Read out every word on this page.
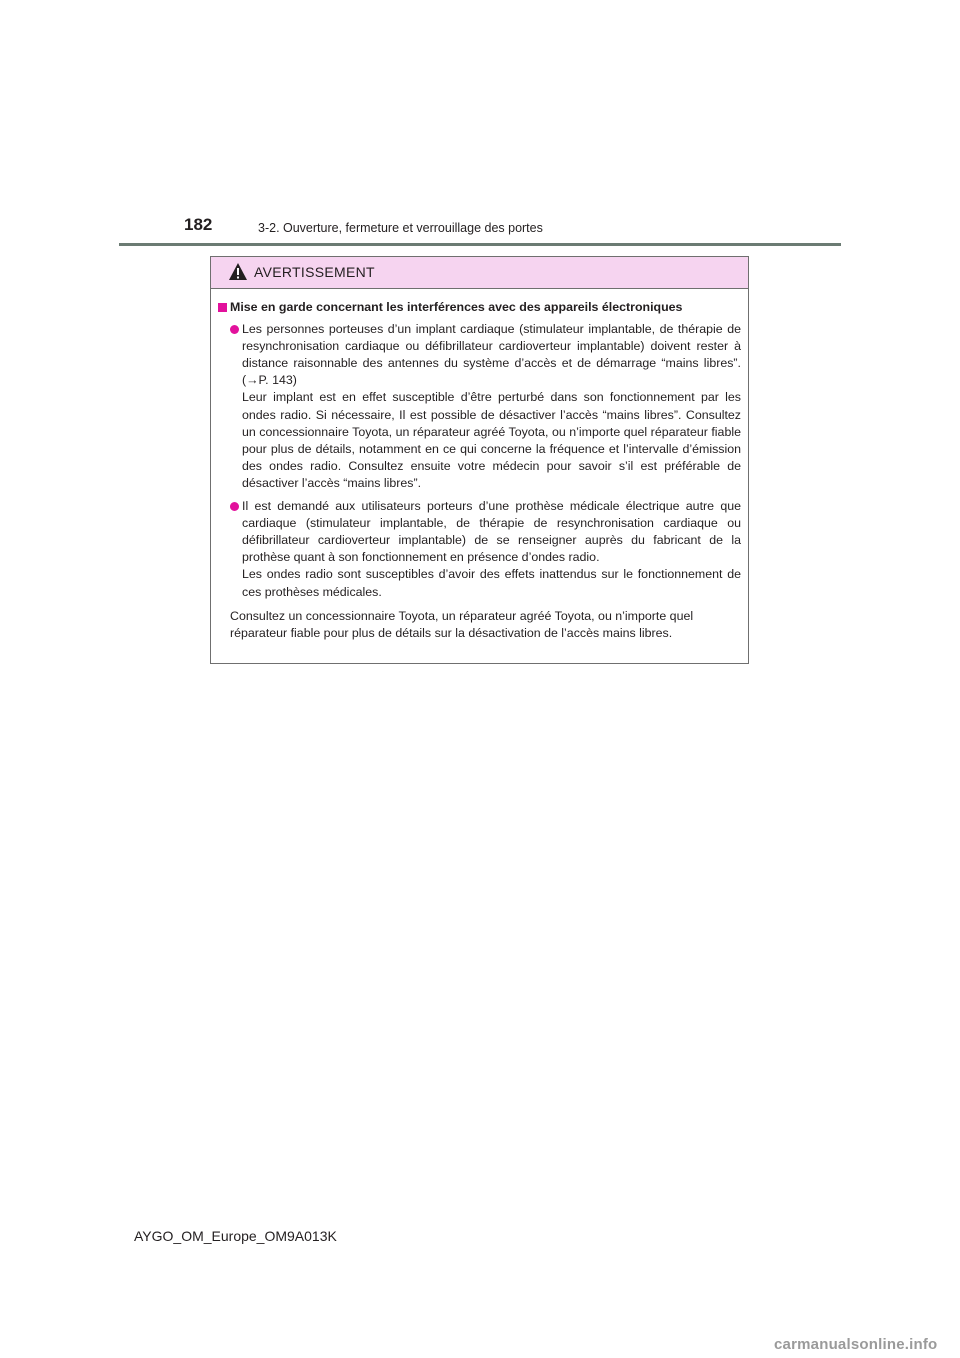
182	3-2. Ouverture, fermeture et verrouillage des portes
AVERTISSEMENT
Mise en garde concernant les interférences avec des appareils électroniques
Les personnes porteuses d’un implant cardiaque (stimulateur implantable, de thérapie de resynchronisation cardiaque ou défibrillateur cardioverteur implantable) doivent rester à distance raisonnable des antennes du système d’accès et de démarrage “mains libres”. (→P. 143)
Leur implant est en effet susceptible d’être perturbé dans son fonctionnement par les ondes radio. Si nécessaire, Il est possible de désactiver l’accès “mains libres”. Consultez un concessionnaire Toyota, un réparateur agréé Toyota, ou n’importe quel réparateur fiable pour plus de détails, notamment en ce qui concerne la fréquence et l’intervalle d’émission des ondes radio. Consultez ensuite votre médecin pour savoir s’il est préférable de désactiver l’accès “mains libres”.
Il est demandé aux utilisateurs porteurs d’une prothèse médicale électrique autre que cardiaque (stimulateur implantable, de thérapie de resynchronisation cardiaque ou défibrillateur cardioverteur implantable) de se renseigner auprès du fabricant de la prothèse quant à son fonctionnement en présence d’ondes radio.
Les ondes radio sont susceptibles d’avoir des effets inattendus sur le fonctionnement de ces prothèses médicales.
Consultez un concessionnaire Toyota, un réparateur agréé Toyota, ou n’importe quel réparateur fiable pour plus de détails sur la désactivation de l’accès mains libres.
AYGO_OM_Europe_OM9A013K
carmanualsonline.info
